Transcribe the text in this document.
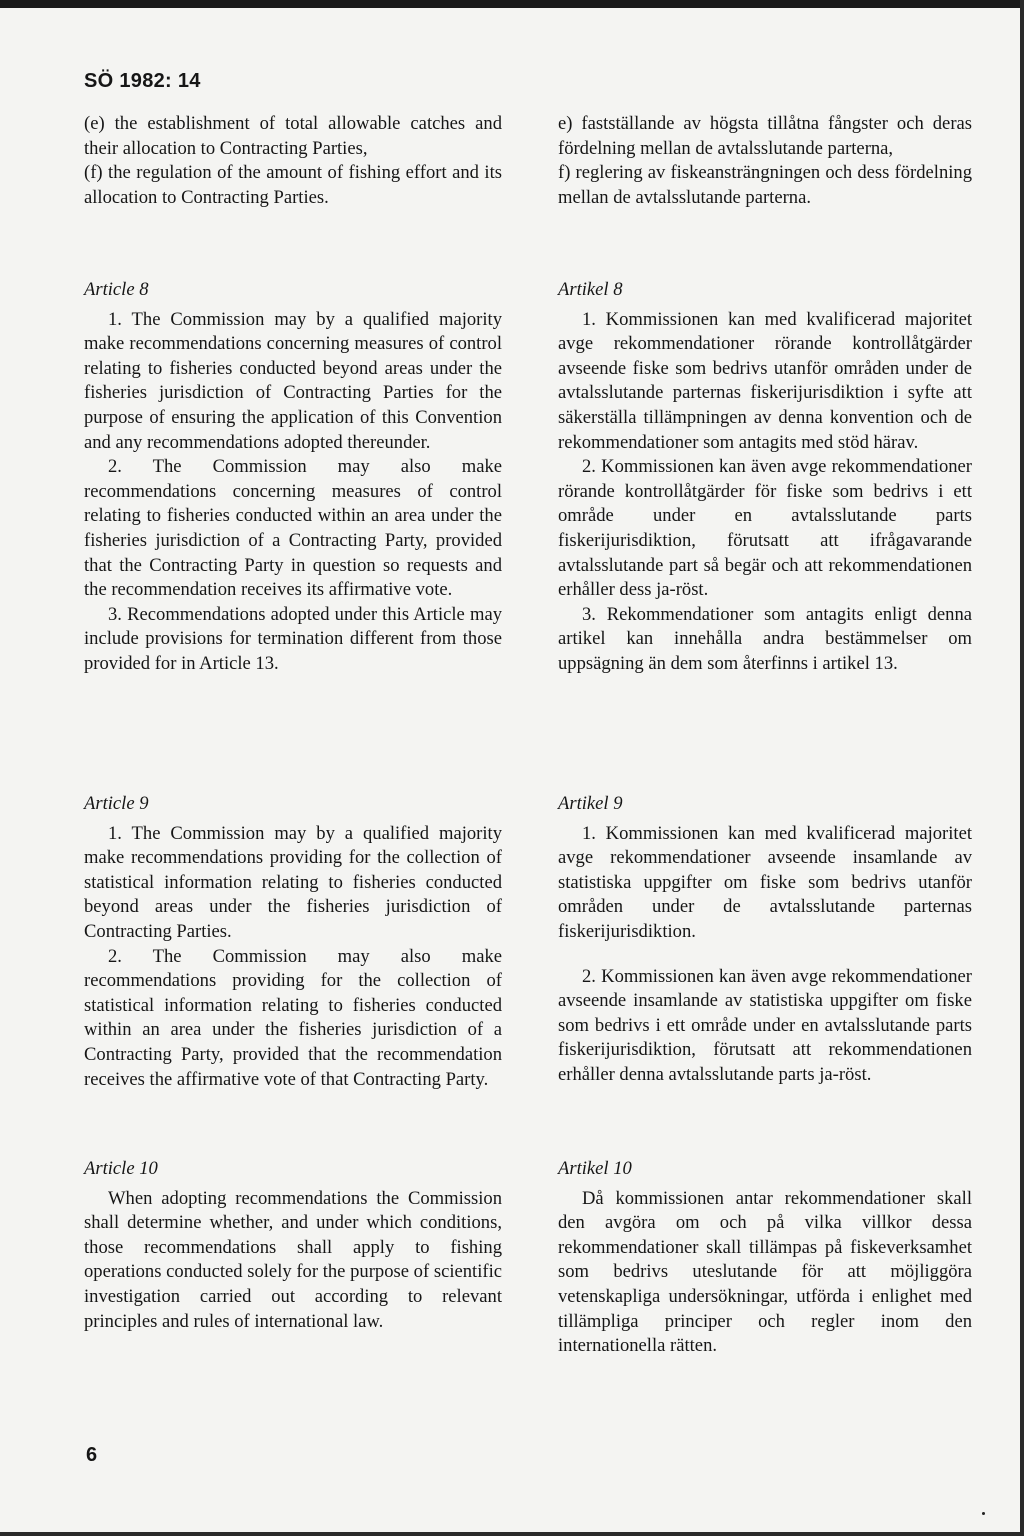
SÖ 1982: 14

(e) the establishment of total allowable catches and their allocation to Contracting Parties,

(f) the regulation of the amount of fishing effort and its allocation to Contracting Parties.

Article 8

1. The Commission may by a qualified majority make recommendations concerning measures of control relating to fisheries conducted beyond areas under the fisheries jurisdiction of Contracting Parties for the purpose of ensuring the application of this Convention and any recommendations adopted thereunder.

2. The Commission may also make recommendations concerning measures of control relating to fisheries conducted within an area under the fisheries jurisdiction of a Contracting Party, provided that the Contracting Party in question so requests and the recommendation receives its affirmative vote.

3. Recommendations adopted under this Article may include provisions for termination different from those provided for in Article 13.

Article 9

1. The Commission may by a qualified majority make recommendations providing for the collection of statistical information relating to fisheries conducted beyond areas under the fisheries jurisdiction of Contracting Parties.

2. The Commission may also make recommendations providing for the collection of statistical information relating to fisheries conducted within an area under the fisheries jurisdiction of a Contracting Party, provided that the recommendation receives the affirmative vote of that Contracting Party.

Article 10

When adopting recommendations the Commission shall determine whether, and under which conditions, those recommendations shall apply to fishing operations conducted solely for the purpose of scientific investigation carried out according to relevant principles and rules of international law.

e) fastställande av högsta tillåtna fångster och deras fördelning mellan de avtalsslutande parterna,

f) reglering av fiskeansträngningen och dess fördelning mellan de avtalsslutande parterna.

Artikel 8

1. Kommissionen kan med kvalificerad majoritet avge rekommendationer rörande kontrollåtgärder avseende fiske som bedrivs utanför områden under de avtalsslutande parternas fiskerijurisdiktion i syfte att säkerställa tillämpningen av denna konvention och de rekommendationer som antagits med stöd härav.

2. Kommissionen kan även avge rekommendationer rörande kontrollåtgärder för fiske som bedrivs i ett område under en avtalsslutande parts fiskerijurisdiktion, förutsatt att ifrågavarande avtalsslutande part så begär och att rekommendationen erhåller dess ja-röst.

3. Rekommendationer som antagits enligt denna artikel kan innehålla andra bestämmelser om uppsägning än dem som återfinns i artikel 13.

Artikel 9

1. Kommissionen kan med kvalificerad majoritet avge rekommendationer avseende insamlande av statistiska uppgifter om fiske som bedrivs utanför områden under de avtalsslutande parternas fiskerijurisdiktion.

2. Kommissionen kan även avge rekommendationer avseende insamlande av statistiska uppgifter om fiske som bedrivs i ett område under en avtalsslutande parts fiskerijurisdiktion, förutsatt att rekommendationen erhåller denna avtalsslutande parts ja-röst.

Artikel 10

Då kommissionen antar rekommendationer skall den avgöra om och på vilka villkor dessa rekommendationer skall tillämpas på fiskeverksamhet som bedrivs uteslutande för att möjliggöra vetenskapliga undersökningar, utförda i enlighet med tillämpliga principer och regler inom den internationella rätten.

6
